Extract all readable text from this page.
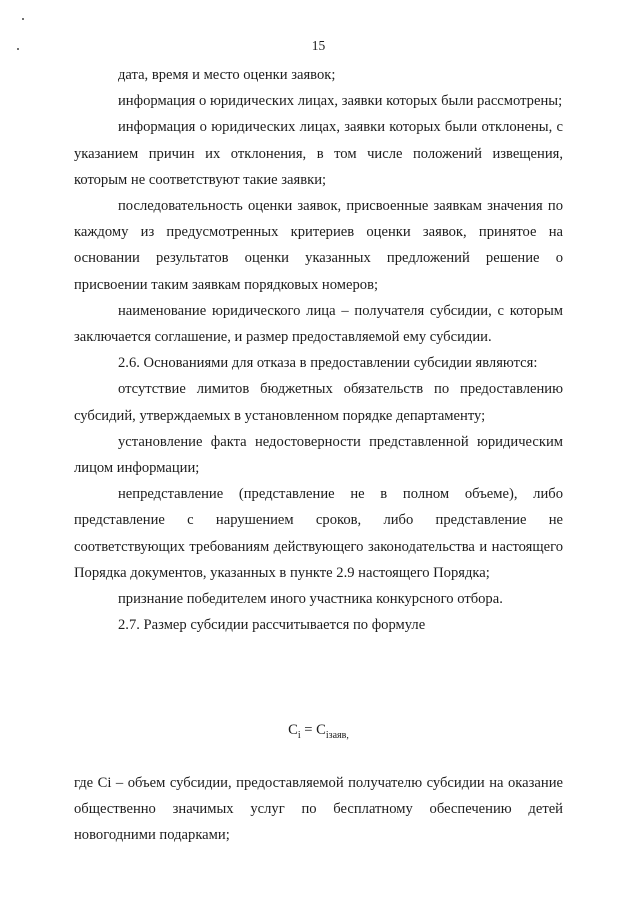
15

дата, время и место оценки заявок;

информация о юридических лицах, заявки которых были рассмотрены;

информация о юридических лицах, заявки которых были отклонены, с указанием причин их отклонения, в том числе положений извещения, которым не соответствуют такие заявки;

последовательность оценки заявок, присвоенные заявкам значения по каждому из предусмотренных критериев оценки заявок, принятое на основании результатов оценки указанных предложений решение о присвоении таким заявкам порядковых номеров;

наименование юридического лица – получателя субсидии, с которым заключается соглашение, и размер предоставляемой ему субсидии.

2.6. Основаниями для отказа в предоставлении субсидии являются:

отсутствие лимитов бюджетных обязательств по предоставлению субсидий, утверждаемых в установленном порядке департаменту;

установление факта недостоверности представленной юридическим лицом информации;

непредставление (представление не в полном объеме), либо представление с нарушением сроков, либо представление не соответствующих требованиям действующего законодательства и настоящего Порядка документов, указанных в пункте 2.9 настоящего Порядка;

признание победителем иного участника конкурсного отбора.

2.7. Размер субсидии рассчитывается по формуле

$C_i = C_{iзаяв,}$

где Cі – объем субсидии, предоставляемой получателю субсидии на оказание общественно значимых услуг по бесплатному обеспечению детей новогодними подарками;
